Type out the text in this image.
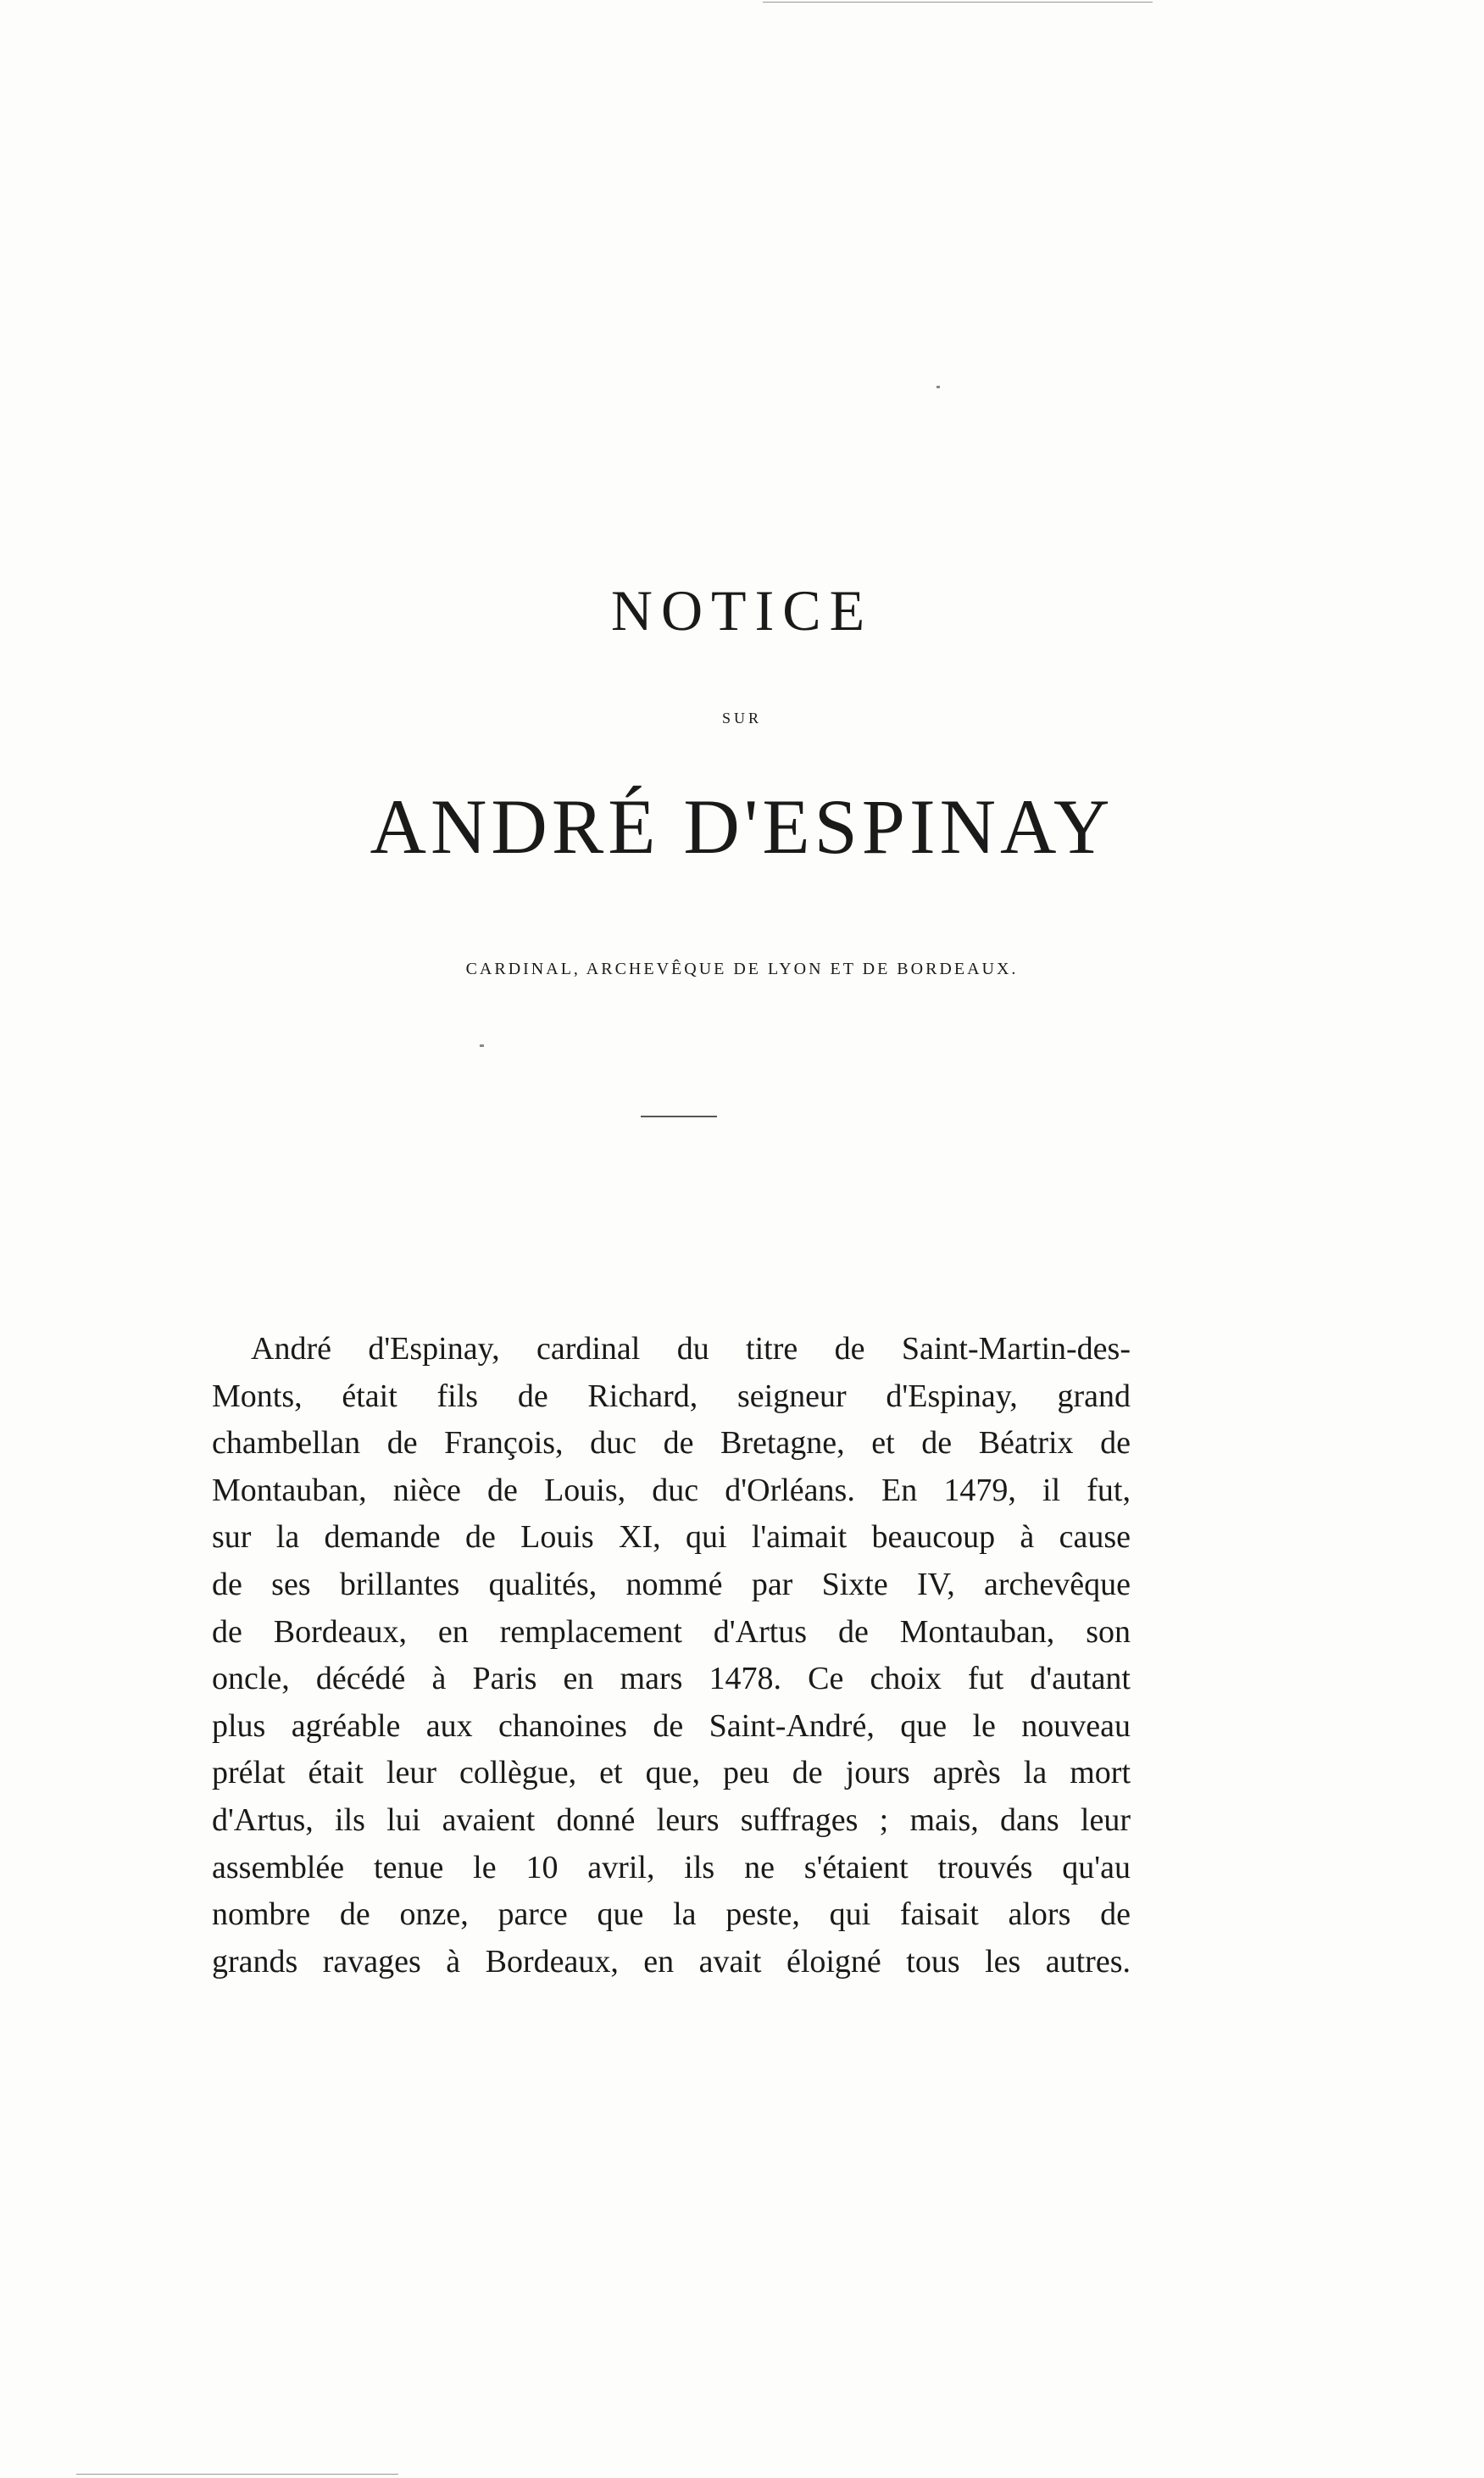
NOTICE
SUR
ANDRÉ D'ESPINAY
CARDINAL, ARCHEVÊQUE DE LYON ET DE BORDEAUX.
André d'Espinay, cardinal du titre de Saint-Martin-des-
Monts, était fils de Richard, seigneur d'Espinay, grand
chambellan de François, duc de Bretagne, et de Béatrix de
Montauban, nièce de Louis, duc d'Orléans. En 1479, il fut,
sur la demande de Louis XI, qui l'aimait beaucoup à cause
de ses brillantes qualités, nommé par Sixte IV, archevêque
de Bordeaux, en remplacement d'Artus de Montauban, son
oncle, décédé à Paris en mars 1478. Ce choix fut d'autant
plus agréable aux chanoines de Saint-André, que le nouveau
prélat était leur collègue, et que, peu de jours après la mort
d'Artus, ils lui avaient donné leurs suffrages ; mais, dans leur
assemblée tenue le 10 avril, ils ne s'étaient trouvés qu'au
nombre de onze, parce que la peste, qui faisait alors de
grands ravages à Bordeaux, en avait éloigné tous les autres.
